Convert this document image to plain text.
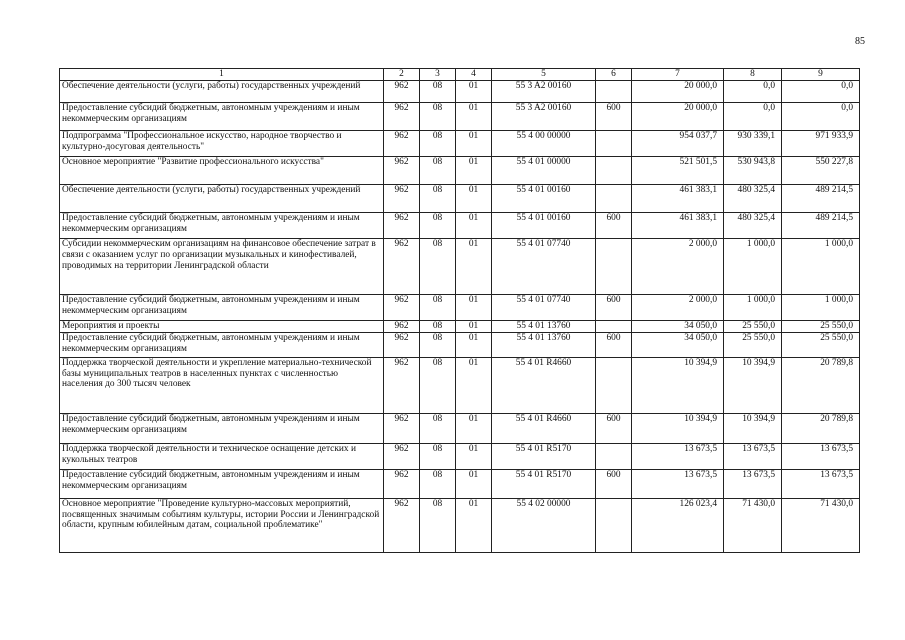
85
1	2	3	4	5	6	7	8	9
Обеспечение деятельности (услуги, работы) государственных учреждений	962	08	01	55 3 A2 00160		20 000,0	0,0	0,0
Предоставление субсидий бюджетным, автономным учреждениям и иным некоммерческим организациям	962	08	01	55 3 A2 00160	600	20 000,0	0,0	0,0
Подпрограмма "Профессиональное искусство, народное творчество и культурно-досуговая деятельность"	962	08	01	55 4 00 00000		954 037,7	930 339,1	971 933,9
Основное мероприятие "Развитие профессионального искусства"	962	08	01	55 4 01 00000		521 501,5	530 943,8	550 227,8
Обеспечение деятельности (услуги, работы) государственных учреждений	962	08	01	55 4 01 00160		461 383,1	480 325,4	489 214,5
Предоставление субсидий бюджетным, автономным учреждениям и иным некоммерческим организациям	962	08	01	55 4 01 00160	600	461 383,1	480 325,4	489 214,5
Субсидии некоммерческим организациям на финансовое обеспечение затрат в связи с оказанием услуг по организации музыкальных и кинофестивалей, проводимых на территории Ленинградской области	962	08	01	55 4 01 07740		2 000,0	1 000,0	1 000,0
Предоставление субсидий бюджетным, автономным учреждениям и иным некоммерческим организациям	962	08	01	55 4 01 07740	600	2 000,0	1 000,0	1 000,0
Мероприятия и проекты	962	08	01	55 4 01 13760		34 050,0	25 550,0	25 550,0
Предоставление субсидий бюджетным, автономным учреждениям и иным некоммерческим организациям	962	08	01	55 4 01 13760	600	34 050,0	25 550,0	25 550,0
Поддержка творческой деятельности и укрепление материально-технической базы муниципальных театров в населенных пунктах с численностью населения до 300 тысяч человек	962	08	01	55 4 01 R4660		10 394,9	10 394,9	20 789,8
Предоставление субсидий бюджетным, автономным учреждениям и иным некоммерческим организациям	962	08	01	55 4 01 R4660	600	10 394,9	10 394,9	20 789,8
Поддержка творческой деятельности и техническое оснащение детских и кукольных театров	962	08	01	55 4 01 R5170		13 673,5	13 673,5	13 673,5
Предоставление субсидий бюджетным, автономным учреждениям и иным некоммерческим организациям	962	08	01	55 4 01 R5170	600	13 673,5	13 673,5	13 673,5
Основное мероприятие "Проведение культурно-массовых мероприятий, посвященных значимым событиям культуры, истории России и Ленинградской области, крупным юбилейным датам, социальной проблематике"	962	08	01	55 4 02 00000		126 023,4	71 430,0	71 430,0
